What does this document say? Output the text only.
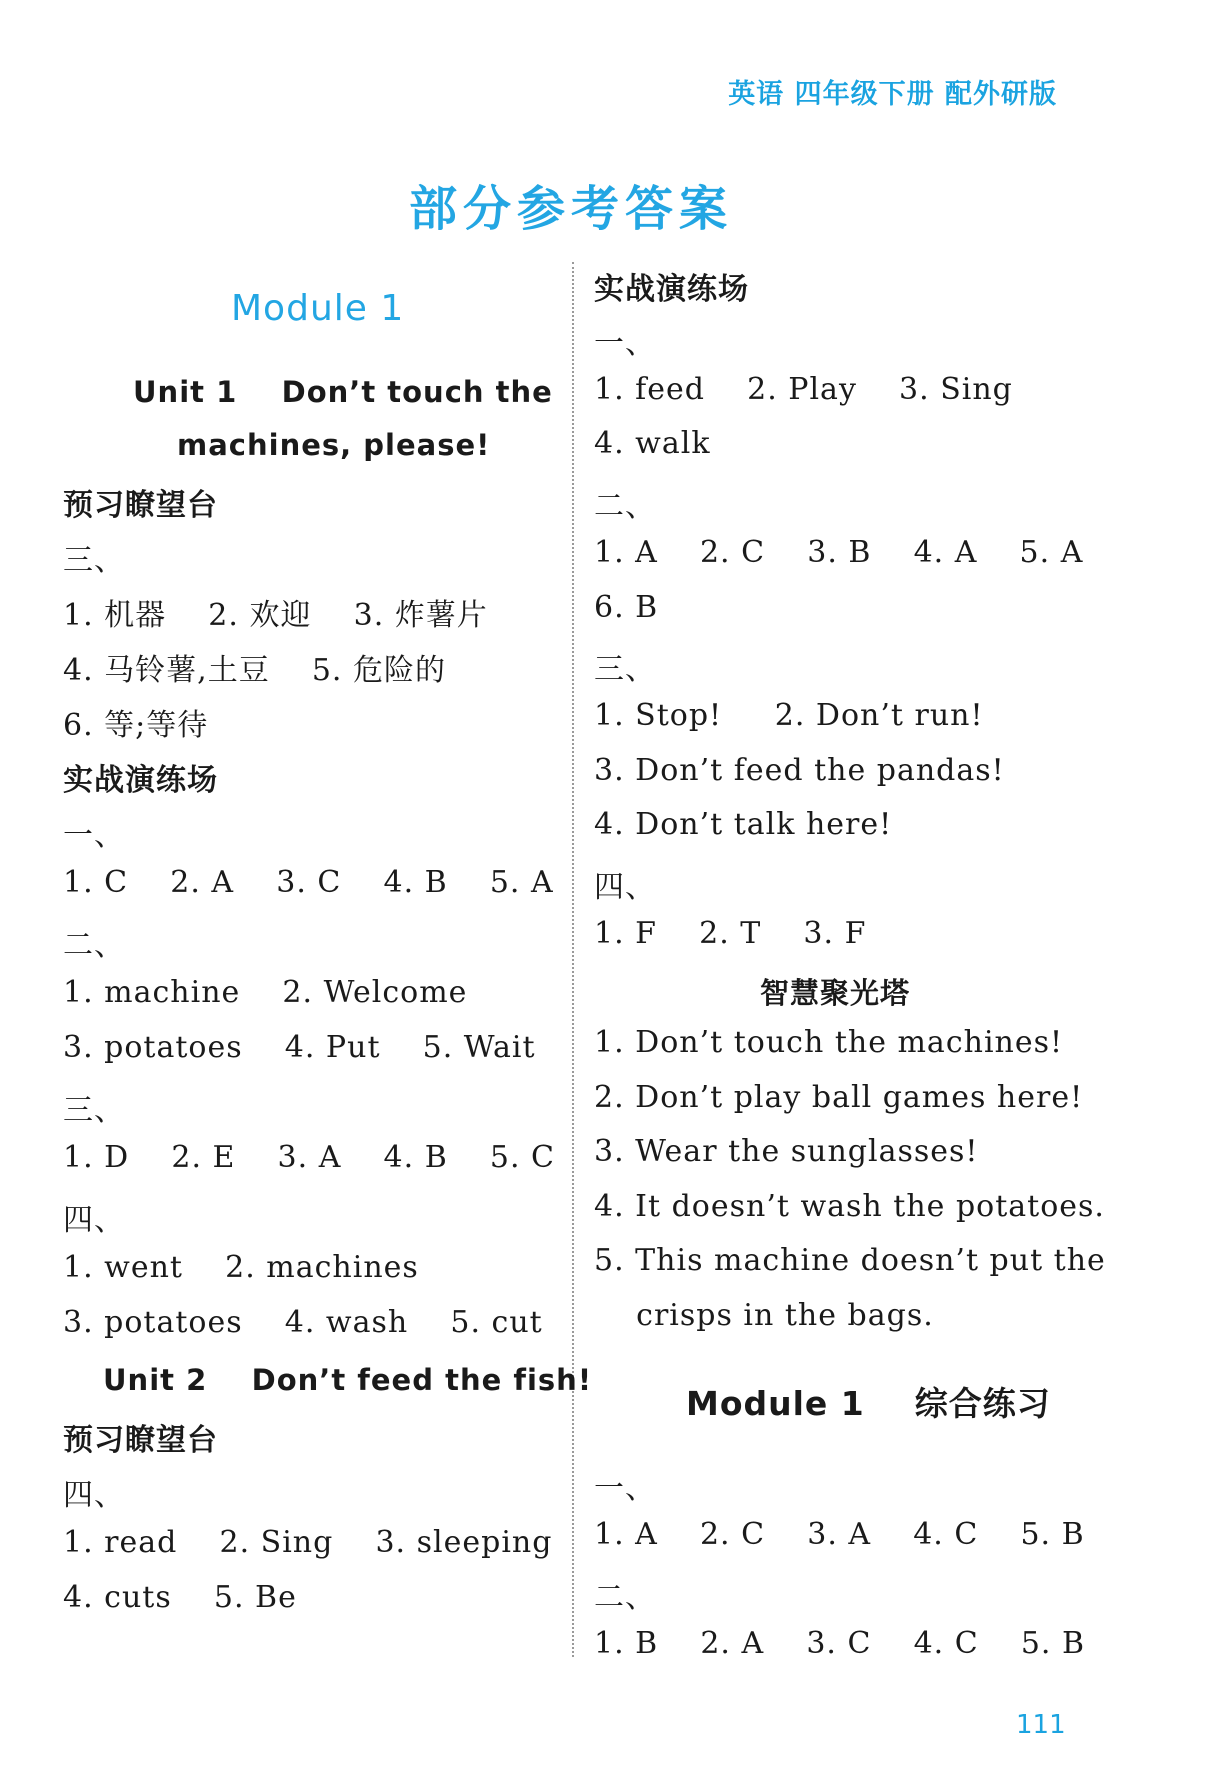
英语 四年级下册 配外研版
部分参考答案
Module 1
Unit 1    Don’t touch the
machines, please!
预习瞭望台
三、
1. 机器    2. 欢迎    3. 炸薯片
4. 马铃薯,土豆    5. 危险的
6. 等;等待
实战演练场
一、
1. C    2. A    3. C    4. B    5. A
二、
1. machine    2. Welcome
3. potatoes    4. Put    5. Wait
三、
1. D    2. E    3. A    4. B    5. C
四、
1. went    2. machines
3. potatoes    4. wash    5. cut
Unit 2    Don’t feed the fish!
预习瞭望台
四、
1. read    2. Sing    3. sleeping
4. cuts    5. Be
实战演练场
一、
1. feed    2. Play    3. Sing
4. walk
二、
1. A    2. C    3. B    4. A    5. A
6. B
三、
1. Stop!     2. Don’t run!
3. Don’t feed the pandas!
4. Don’t talk here!
四、
1. F    2. T    3. F
智慧聚光塔
1. Don’t touch the machines!
2. Don’t play ball games here!
3. Wear the sunglasses!
4. It doesn’t wash the potatoes.
5. This machine doesn’t put the
crisps in the bags.
Module 1    综合练习
一、
1. A    2. C    3. A    4. C    5. B
二、
1. B    2. A    3. C    4. C    5. B
111
